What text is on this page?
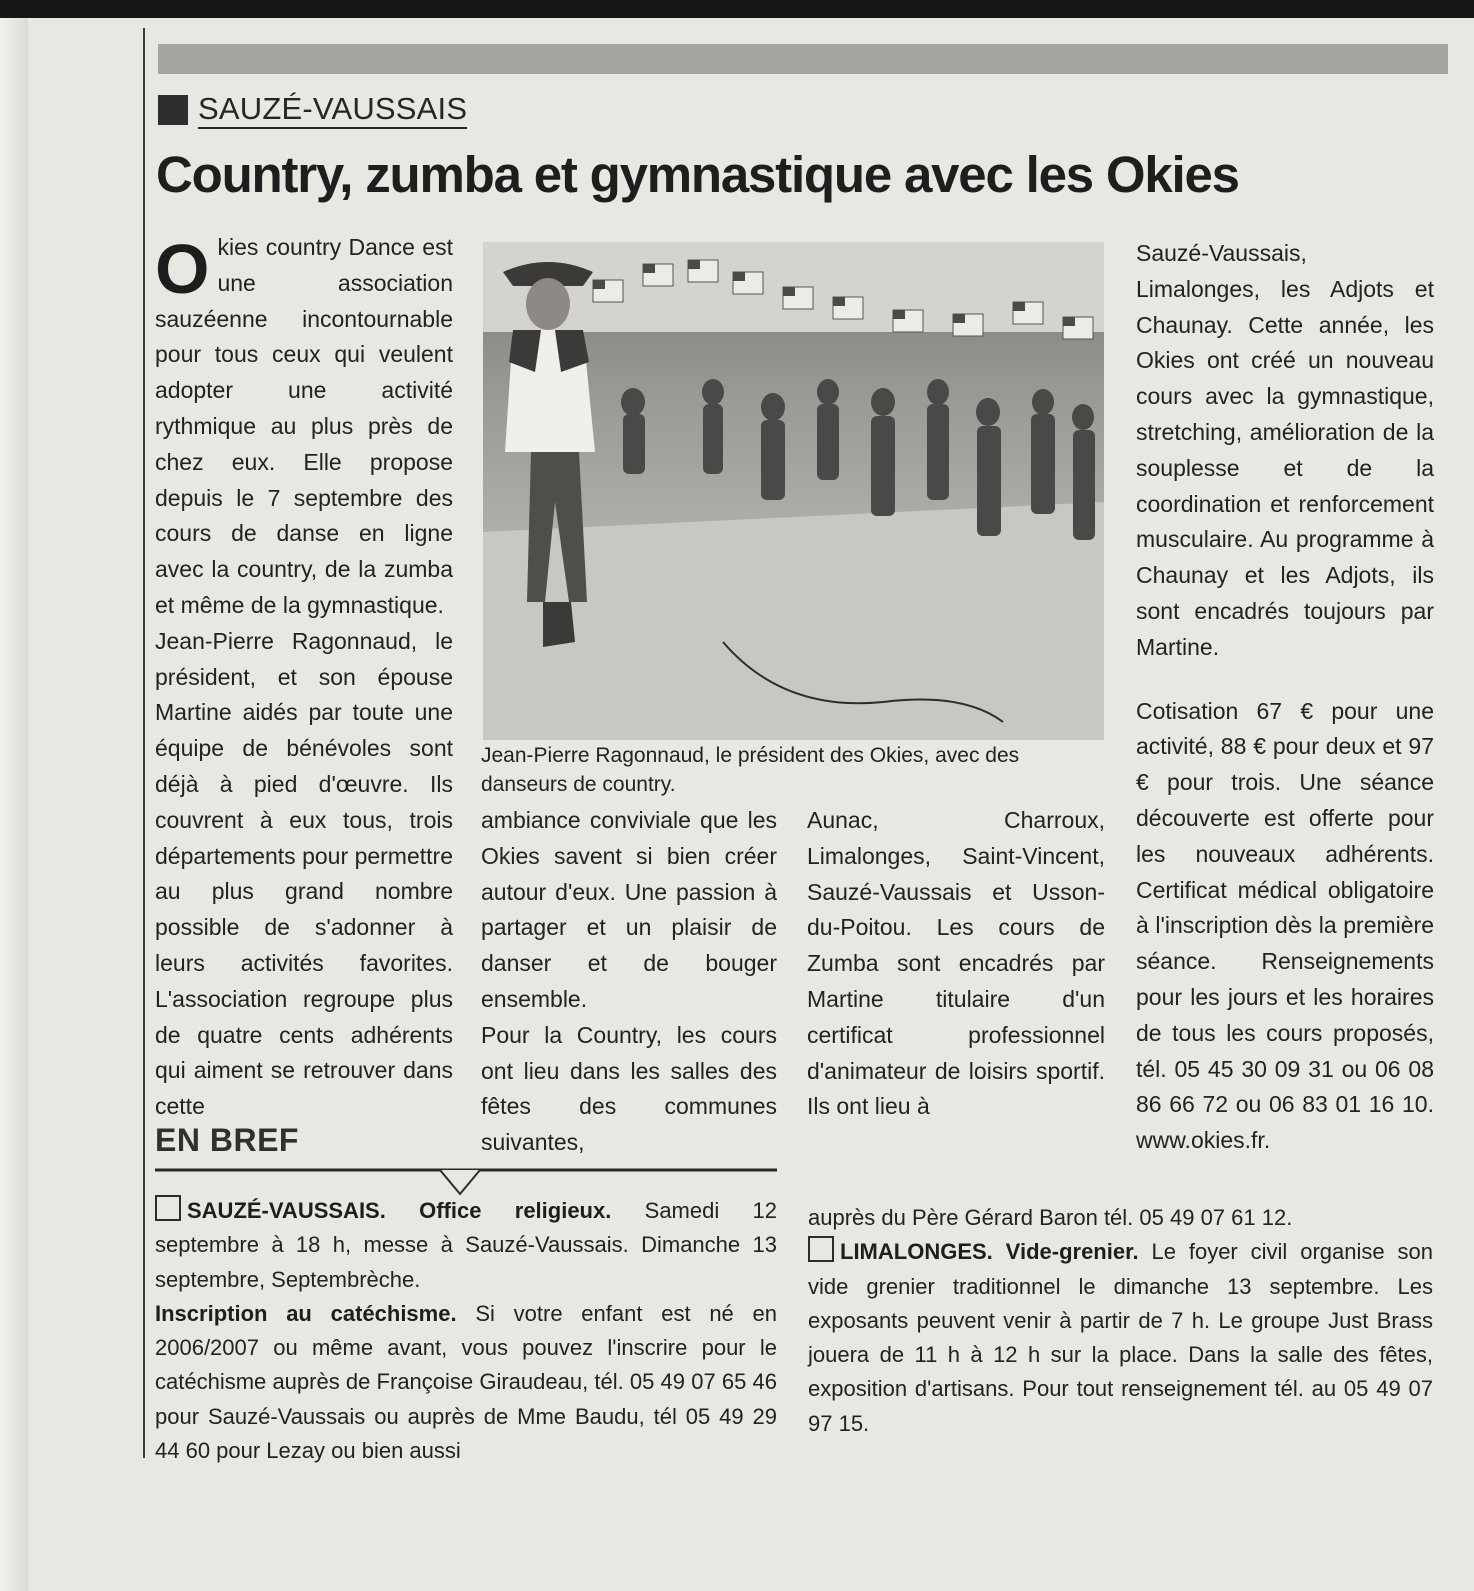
SAUZÉ-VAUSSAIS
Country, zumba et gymnastique avec les Okies

Okies country Dance est une association sauzéenne incontournable pour tous ceux qui veulent adopter une activité rythmique au plus près de chez eux. Elle propose depuis le 7 septembre des cours de danse en ligne avec la country, de la zumba et même de la gymnastique.

Jean-Pierre Ragonnaud, le président, et son épouse Martine aidés par toute une équipe de bénévoles sont déjà à pied d'œuvre. Ils couvrent à eux tous, trois départements pour permettre au plus grand nombre possible de s'adonner à leurs activités favorites. L'association regroupe plus de quatre cents adhérents qui aiment se retrouver dans cette

Jean-Pierre Ragonnaud, le président des Okies, avec des danseurs de country.

ambiance conviviale que les Okies savent si bien créer autour d'eux. Une passion à partager et un plaisir de danser et de bouger ensemble.

Pour la Country, les cours ont lieu dans les salles des fêtes des communes suivantes,

Aunac, Charroux, Limalonges, Saint-Vincent, Sauzé-Vaussais et Usson-du-Poitou. Les cours de Zumba sont encadrés par Martine titulaire d'un certificat professionnel d'animateur de loisirs sportif. Ils ont lieu à

Sauzé-Vaussais, Limalonges, les Adjots et Chaunay. Cette année, les Okies ont créé un nouveau cours avec la gymnastique, stretching, amélioration de la souplesse et de la coordination et renforcement musculaire. Au programme à Chaunay et les Adjots, ils sont encadrés toujours par Martine.

Cotisation 67 € pour une activité, 88 € pour deux et 97 € pour trois. Une séance découverte est offerte pour les nouveaux adhérents. Certificat médical obligatoire à l'inscription dès la première séance. Renseignements pour les jours et les horaires de tous les cours proposés, tél. 05 45 30 09 31 ou 06 08 86 66 72 ou 06 83 01 16 10. www.okies.fr.

EN BREF

SAUZÉ-VAUSSAIS. Office religieux. Samedi 12 septembre à 18 h, messe à Sauzé-Vaussais. Dimanche 13 septembre, Septembrèche.

Inscription au catéchisme. Si votre enfant est né en 2006/2007 ou même avant, vous pouvez l'inscrire pour le catéchisme auprès de Françoise Giraudeau, tél. 05 49 07 65 46 pour Sauzé-Vaussais ou auprès de Mme Baudu, tél 05 49 29 44 60 pour Lezay ou bien aussi

auprès du Père Gérard Baron tél. 05 49 07 61 12.

LIMALONGES. Vide-grenier. Le foyer civil organise son vide grenier traditionnel le dimanche 13 septembre. Les exposants peuvent venir à partir de 7 h. Le groupe Just Brass jouera de 11 h à 12 h sur la place. Dans la salle des fêtes, exposition d'artisans. Pour tout renseignement tél. au 05 49 07 97 15.
